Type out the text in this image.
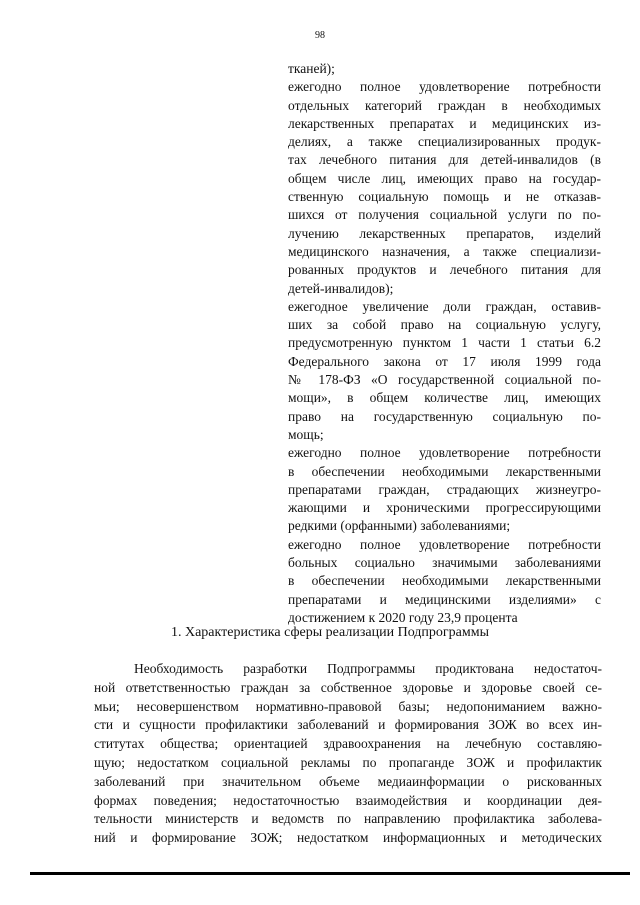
98
тканей);
ежегодно полное удовлетворение потребности
отдельных категорий граждан в необходимых
лекарственных препаратах и медицинских из-
делиях, а также специализированных продук-
тах лечебного питания для детей-инвалидов (в
общем числе лиц, имеющих право на государ-
ственную социальную помощь и не отказав-
шихся от получения социальной услуги по по-
лучению лекарственных препаратов, изделий
медицинского назначения, а также специализи-
рованных продуктов и лечебного питания для
детей-инвалидов);
ежегодное увеличение доли граждан, оставив-
ших за собой право на социальную услугу,
предусмотренную пунктом 1 части 1 статьи 6.2
Федерального закона от 17 июля 1999 года
№ 178-ФЗ «О государственной социальной по-
мощи», в общем количестве лиц, имеющих
право на государственную социальную по-
мощь;
ежегодно полное удовлетворение потребности
в обеспечении необходимыми лекарственными
препаратами граждан, страдающих жизнеугро-
жающими и хроническими прогрессирующими
редкими (орфанными) заболеваниями;
ежегодно полное удовлетворение потребности
больных социально значимыми заболеваниями
в обеспечении необходимыми лекарственными
препаратами и медицинскими изделиями» с
достижением к 2020 году 23,9 процента
1. Характеристика сферы реализации Подпрограммы
Необходимость разработки Подпрограммы продиктована недостаточ-
ной ответственностью граждан за собственное здоровье и здоровье своей се-
мьи; несовершенством нормативно-правовой базы; недопониманием важно-
сти и сущности профилактики заболеваний и формирования ЗОЖ во всех ин-
ститутах общества; ориентацией здравоохранения на лечебную составляю-
щую; недостатком социальной рекламы по пропаганде ЗОЖ и профилактик
заболеваний при значительном объеме медиаинформации о рискованных
формах поведения; недостаточностью взаимодействия и координации дея-
тельности министерств и ведомств по направлению профилактика заболева-
ний и формирование ЗОЖ; недостатком информационных и методических
